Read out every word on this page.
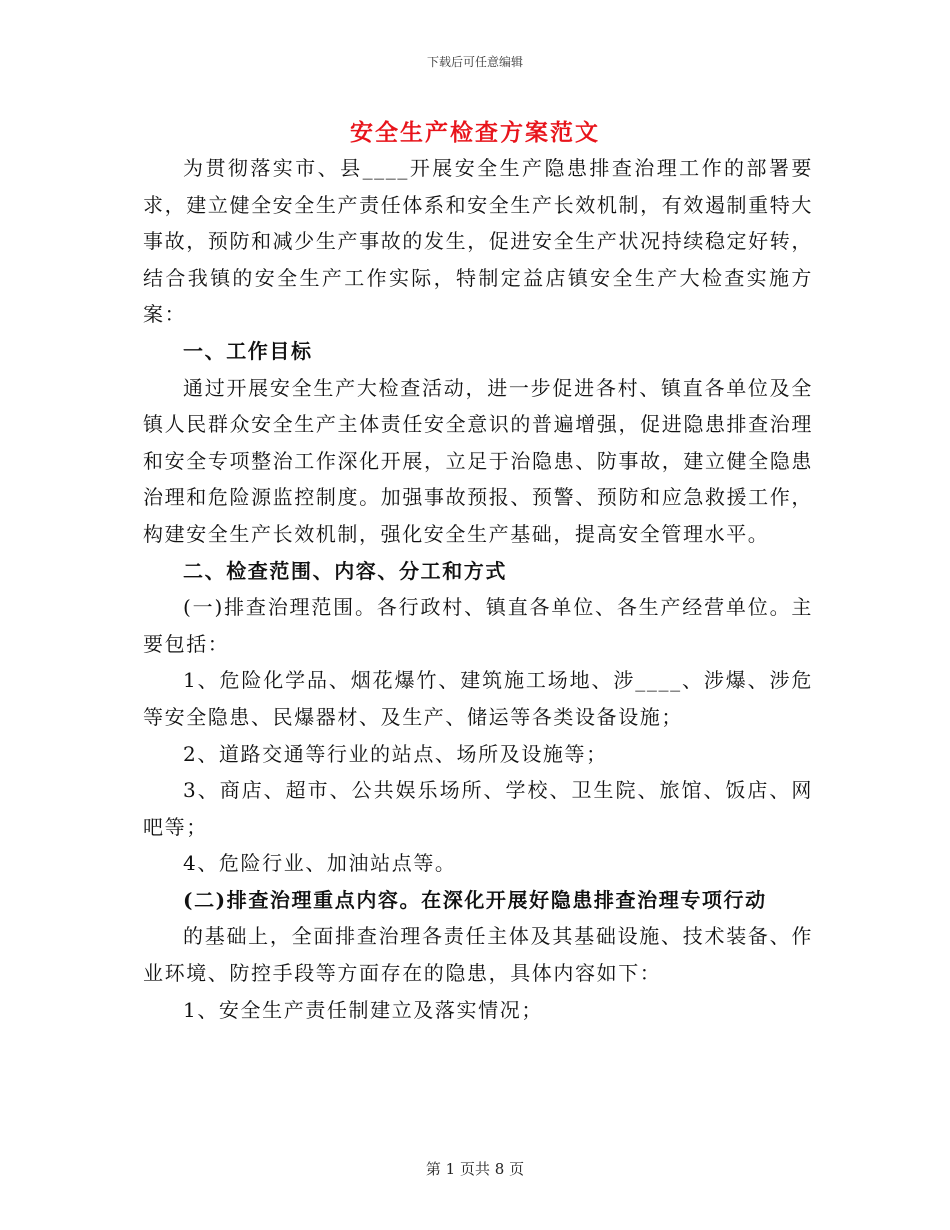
下载后可任意编辑
安全生产检查方案范文

为贯彻落实市、县____开展安全生产隐患排查治理工作的部署要求，建立健全安全生产责任体系和安全生产长效机制，有效遏制重特大事故，预防和减少生产事故的发生，促进安全生产状况持续稳定好转，结合我镇的安全生产工作实际，特制定益店镇安全生产大检查实施方案：

一、工作目标

通过开展安全生产大检查活动，进一步促进各村、镇直各单位及全镇人民群众安全生产主体责任安全意识的普遍增强，促进隐患排查治理和安全专项整治工作深化开展，立足于治隐患、防事故，建立健全隐患治理和危险源监控制度。加强事故预报、预警、预防和应急救援工作，构建安全生产长效机制，强化安全生产基础，提高安全管理水平。

二、检查范围、内容、分工和方式

(一)排查治理范围。各行政村、镇直各单位、各生产经营单位。主要包括：

1、危险化学品、烟花爆竹、建筑施工场地、涉____、涉爆、涉危等安全隐患、民爆器材、及生产、储运等各类设备设施；

2、道路交通等行业的站点、场所及设施等；

3、商店、超市、公共娱乐场所、学校、卫生院、旅馆、饭店、网吧等；

4、危险行业、加油站点等。

(二)排查治理重点内容。在深化开展好隐患排查治理专项行动

的基础上，全面排查治理各责任主体及其基础设施、技术装备、作业环境、防控手段等方面存在的隐患，具体内容如下：

1、安全生产责任制建立及落实情况；

第 1 页共 8 页
